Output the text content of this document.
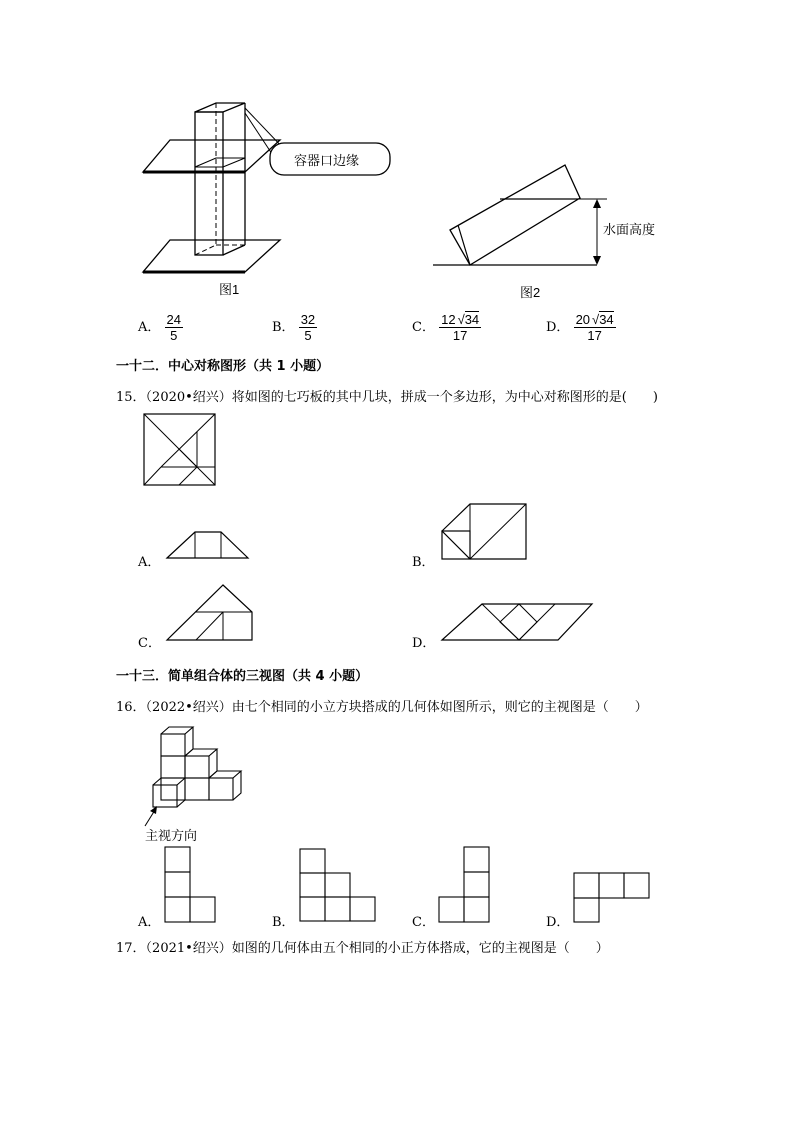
容器口边缘
图1
水面高度
图2
A． $\frac{24}{5}$	B． $\frac{32}{5}$	C． $\frac{12 √34}{17}$	D． $\frac{20 √34}{17}$
一十二．中心对称图形（共 1 小题）
15．（2020•绍兴）将如图的七巧板的其中几块，拼成一个多边形，为中心对称图形的是(　　)
A．	B．
C．	D．
一十三．简单组合体的三视图（共 4 小题）
16．（2022•绍兴）由七个相同的小立方块搭成的几何体如图所示，则它的主视图是（　　）
主视方向
A．	B．	C．	D．
17．（2021•绍兴）如图的几何体由五个相同的小正方体搭成，它的主视图是（　　）
